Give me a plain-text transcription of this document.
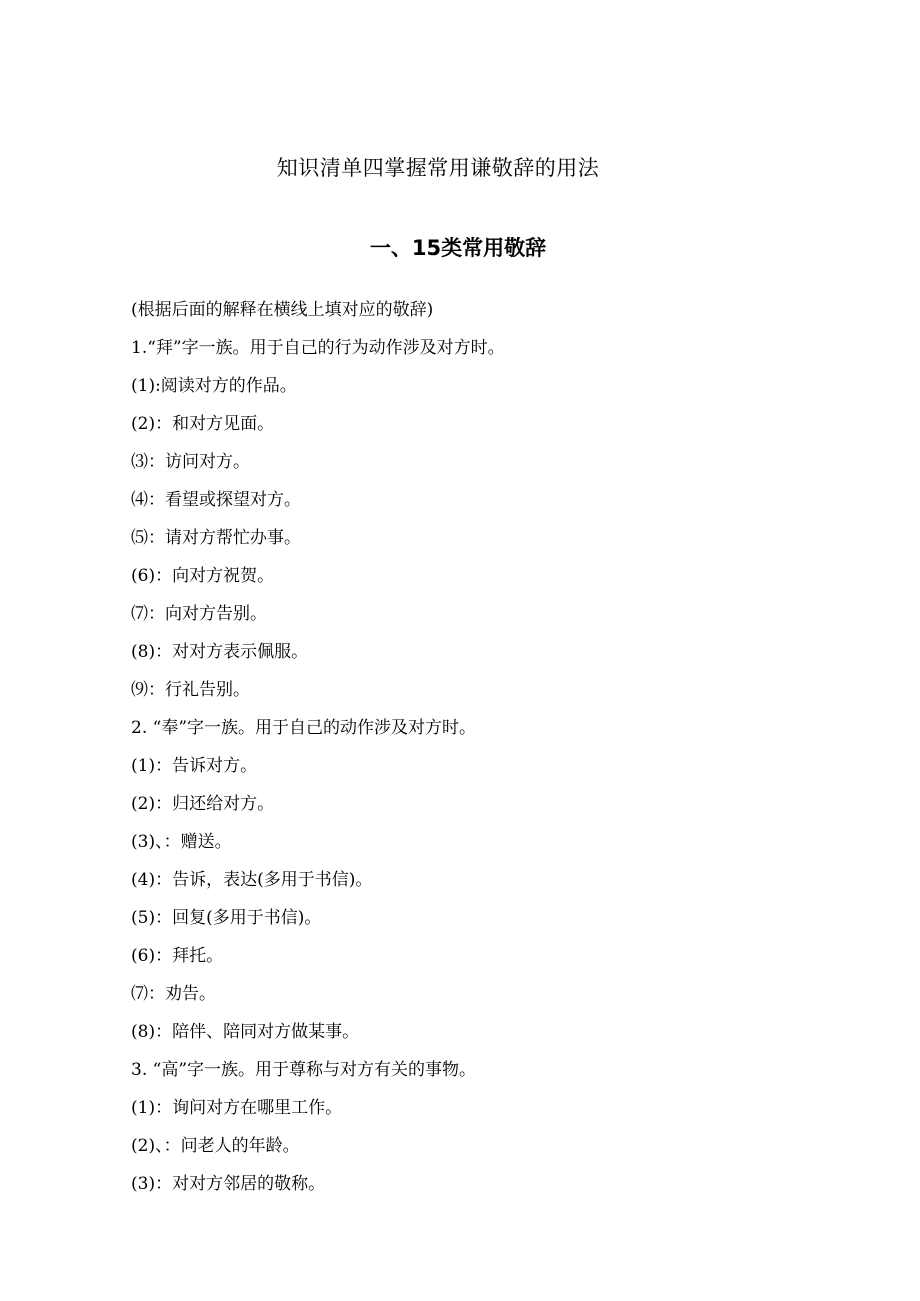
知识清单四掌握常用谦敬辞的用法
一、15类常用敬辞
(根据后面的解释在横线上填对应的敬辞)
1.“拜”字一族。用于自己的行为动作涉及对方时。
(1):阅读对方的作品。
(2)：和对方见面。
⑶：访问对方。
⑷：看望或探望对方。
⑸：请对方帮忙办事。
(6)：向对方祝贺。
⑺：向对方告别。
(8)：对对方表示佩服。
⑼：行礼告别。
2. “奉”字一族。用于自己的动作涉及对方时。
(1)：告诉对方。
(2)：归还给对方。
(3)、：赠送。
(4)：告诉，表达(多用于书信)。
(5)：回复(多用于书信)。
(6)：拜托。
⑺：劝告。
(8)：陪伴、陪同对方做某事。
3. “高”字一族。用于尊称与对方有关的事物。
(1)：询问对方在哪里工作。
(2)、：问老人的年龄。
(3)：对对方邻居的敬称。
